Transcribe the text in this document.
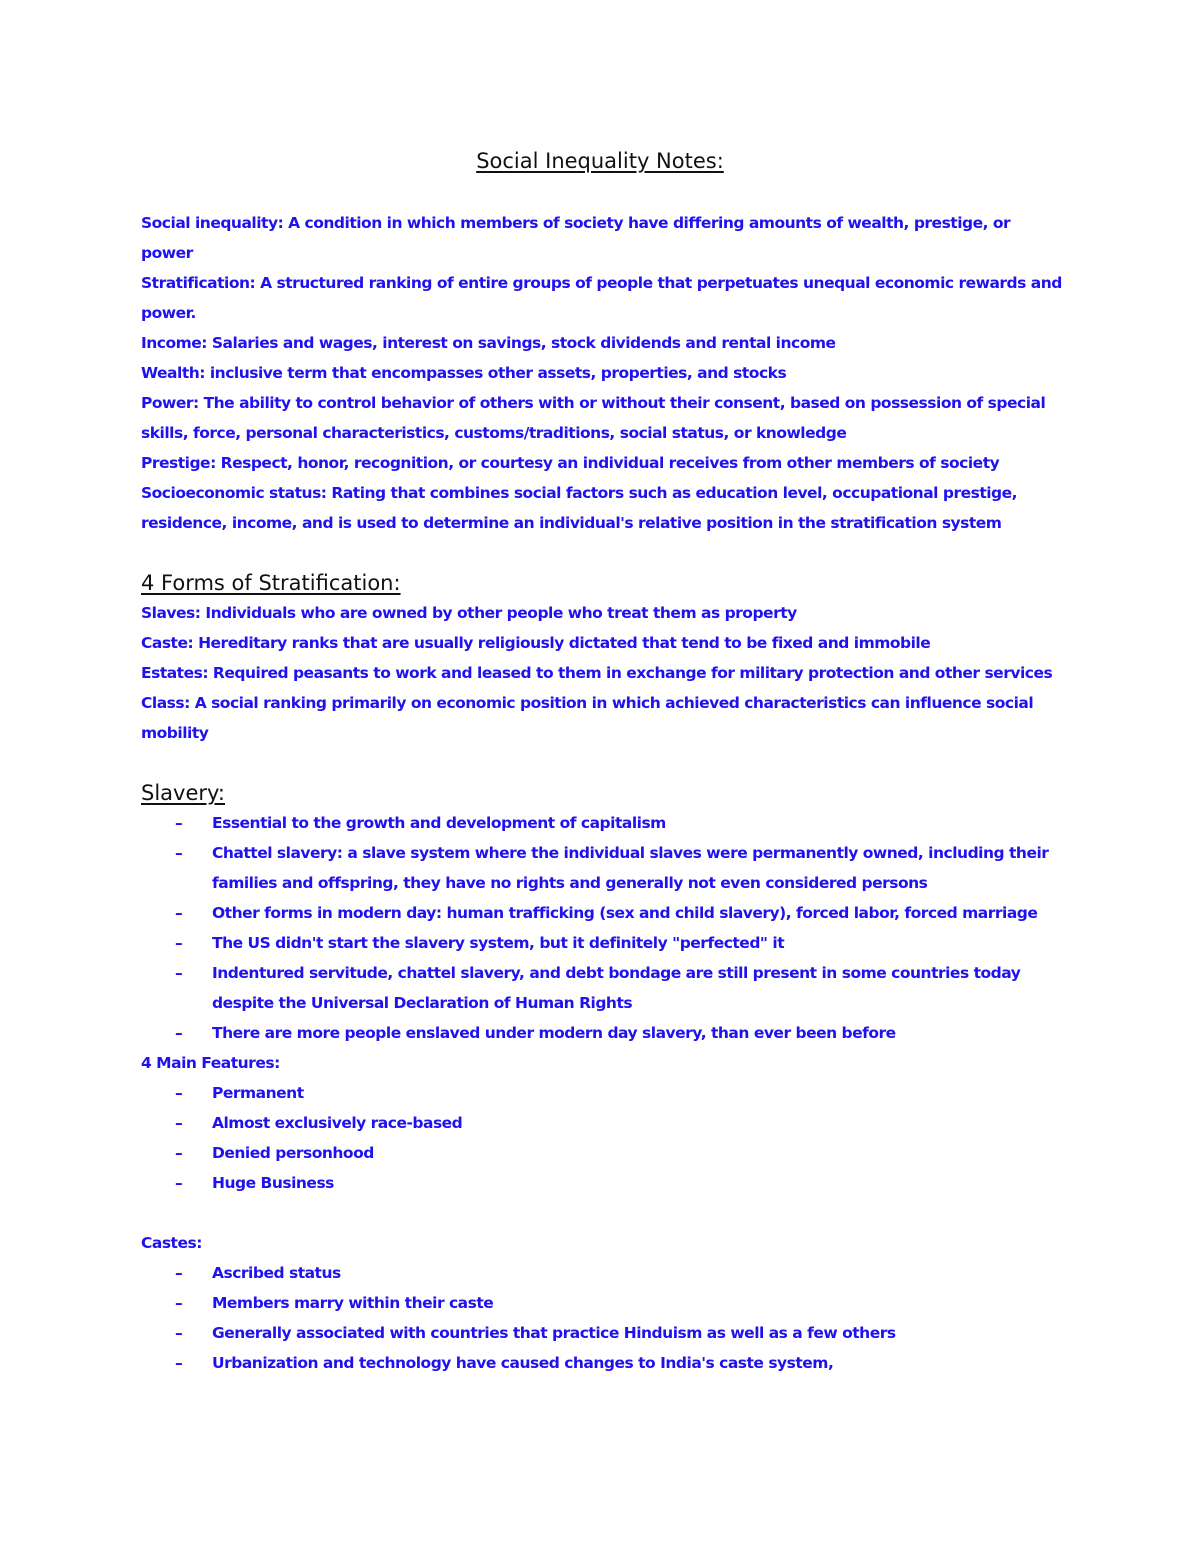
Social Inequality Notes:

Social inequality: A condition in which members of society have differing amounts of wealth, prestige, or power

Stratification: A structured ranking of entire groups of people that perpetuates unequal economic rewards and power.

Income: Salaries and wages, interest on savings, stock dividends and rental income

Wealth: inclusive term that encompasses other assets, properties, and stocks

Power: The ability to control behavior of others with or without their consent, based on possession of special skills, force, personal characteristics, customs/traditions, social status, or knowledge

Prestige: Respect, honor, recognition, or courtesy an individual receives from other members of society

Socioeconomic status: Rating that combines social factors such as education level, occupational prestige, residence, income, and is used to determine an individual's relative position in the stratification system

4 Forms of Stratification:

Slaves: Individuals who are owned by other people who treat them as property

Caste: Hereditary ranks that are usually religiously dictated that tend to be fixed and immobile

Estates: Required peasants to work and leased to them in exchange for military protection and other services

Class: A social ranking primarily on economic position in which achieved characteristics can influence social mobility

Slavery:

–	Essential to the growth and development of capitalism
–	Chattel slavery: a slave system where the individual slaves were permanently owned, including their families and offspring, they have no rights and generally not even considered persons
–	Other forms in modern day: human trafficking (sex and child slavery), forced labor, forced marriage
–	The US didn't start the slavery system, but it definitely "perfected" it
–	Indentured servitude, chattel slavery, and debt bondage are still present in some countries today despite the Universal Declaration of Human Rights
–	There are more people enslaved under modern day slavery, than ever been before

4 Main Features:

–	Permanent
–	Almost exclusively race-based
–	Denied personhood
–	Huge Business

Castes:

–	Ascribed status
–	Members marry within their caste
–	Generally associated with countries that practice Hinduism as well as a few others
–	Urbanization and technology have caused changes to India's caste system,
